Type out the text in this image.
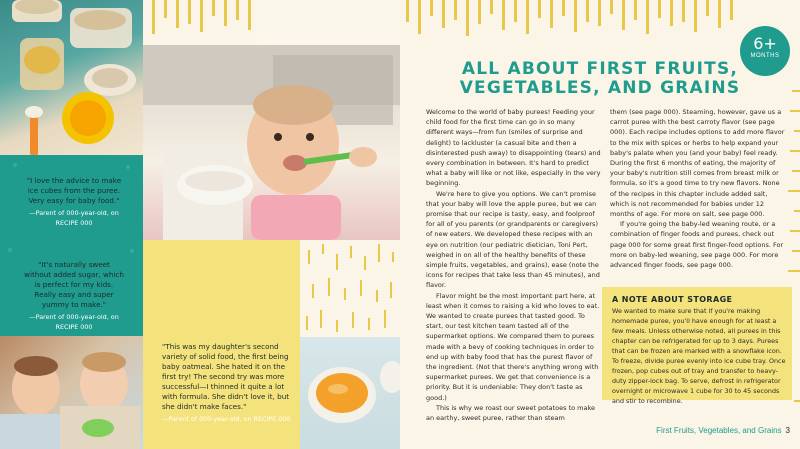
"I love the advice to make ice cubes from the puree. Very easy for baby food."
—Parent of 000-year-old, on RECIPE 000
"It's naturally sweet without added sugar, which is perfect for my kids. Really easy and super yummy to make."
—Parent of 000-year-old, on RECIPE 000
"This was my daughter's second variety of solid food, the first being baby oatmeal. She hated it on the first try! The second try was more successful—I thinned it quite a lot with formula. She didn't love it, but she didn't make faces."
—Parent of 000-year-old, on RECIPE 000
6+
MONTHS
ALL ABOUT FIRST FRUITS, VEGETABLES, AND GRAINS

Welcome to the world of baby purees! Feeding your child food for the first time can go in so many different ways—from fun (smiles of surprise and delight) to lackluster (a casual bite and then a disinterested push away) to disappointing (tears) and every combination in between. It's hard to predict what a baby will like or not like, especially in the very beginning.

We're here to give you options. We can't promise that your baby will love the apple puree, but we can promise that our recipe is tasty, easy, and foolproof for all of you parents (or grandparents or caregivers) of new eaters. We developed these recipes with an eye on nutrition (our pediatric dietician, Toni Pert, weighed in on all of the healthy benefits of these simple fruits, vegetables, and grains), ease (note the icons for recipes that take less than 45 minutes), and flavor.

Flavor might be the most important part here, at least when it comes to raising a kid who loves to eat. We wanted to create purees that tasted good. To start, our test kitchen team tasted all of the supermarket options. We compared them to purees made with a bevy of cooking techniques in order to end up with baby food that has the purest flavor of the ingredient. (Not that there's anything wrong with supermarket purees. We get that convenience is a priority. But it is undeniable: They don't taste as good.)

This is why we roast our sweet potatoes to make an earthy, sweet puree, rather than steam

them (see page 000). Steaming, however, gave us a carrot puree with the best carroty flavor (see page 000). Each recipe includes options to add more flavor to the mix with spices or herbs to help expand your baby's palate when you (and your baby) feel ready. During the first 6 months of eating, the majority of your baby's nutrition still comes from breast milk or formula, so it's a good time to try new flavors. None of the recipes in this chapter include added salt, which is not recommended for babies under 12 months of age. For more on salt, see page 000.

If you're going the baby-led weaning route, or a combination of finger foods and purees, check out page 000 for some great first finger-food options. For more on baby-led weaning, see page 000. For more advanced finger foods, see page 000.

A NOTE ABOUT STORAGE

We wanted to make sure that if you're making homemade puree, you'll have enough for at least a few meals. Unless otherwise noted, all purees in this chapter can be refrigerated for up to 3 days. Purees that can be frozen are marked with a snowflake icon. To freeze, divide puree evenly into ice cube tray. Once frozen, pop cubes out of tray and transfer to heavy-duty zipper-lock bag. To serve, defrost in refrigerator overnight or microwave 1 cube for 30 to 45 seconds and stir to recombine.

First Fruits, Vegetables, and Grains 3
